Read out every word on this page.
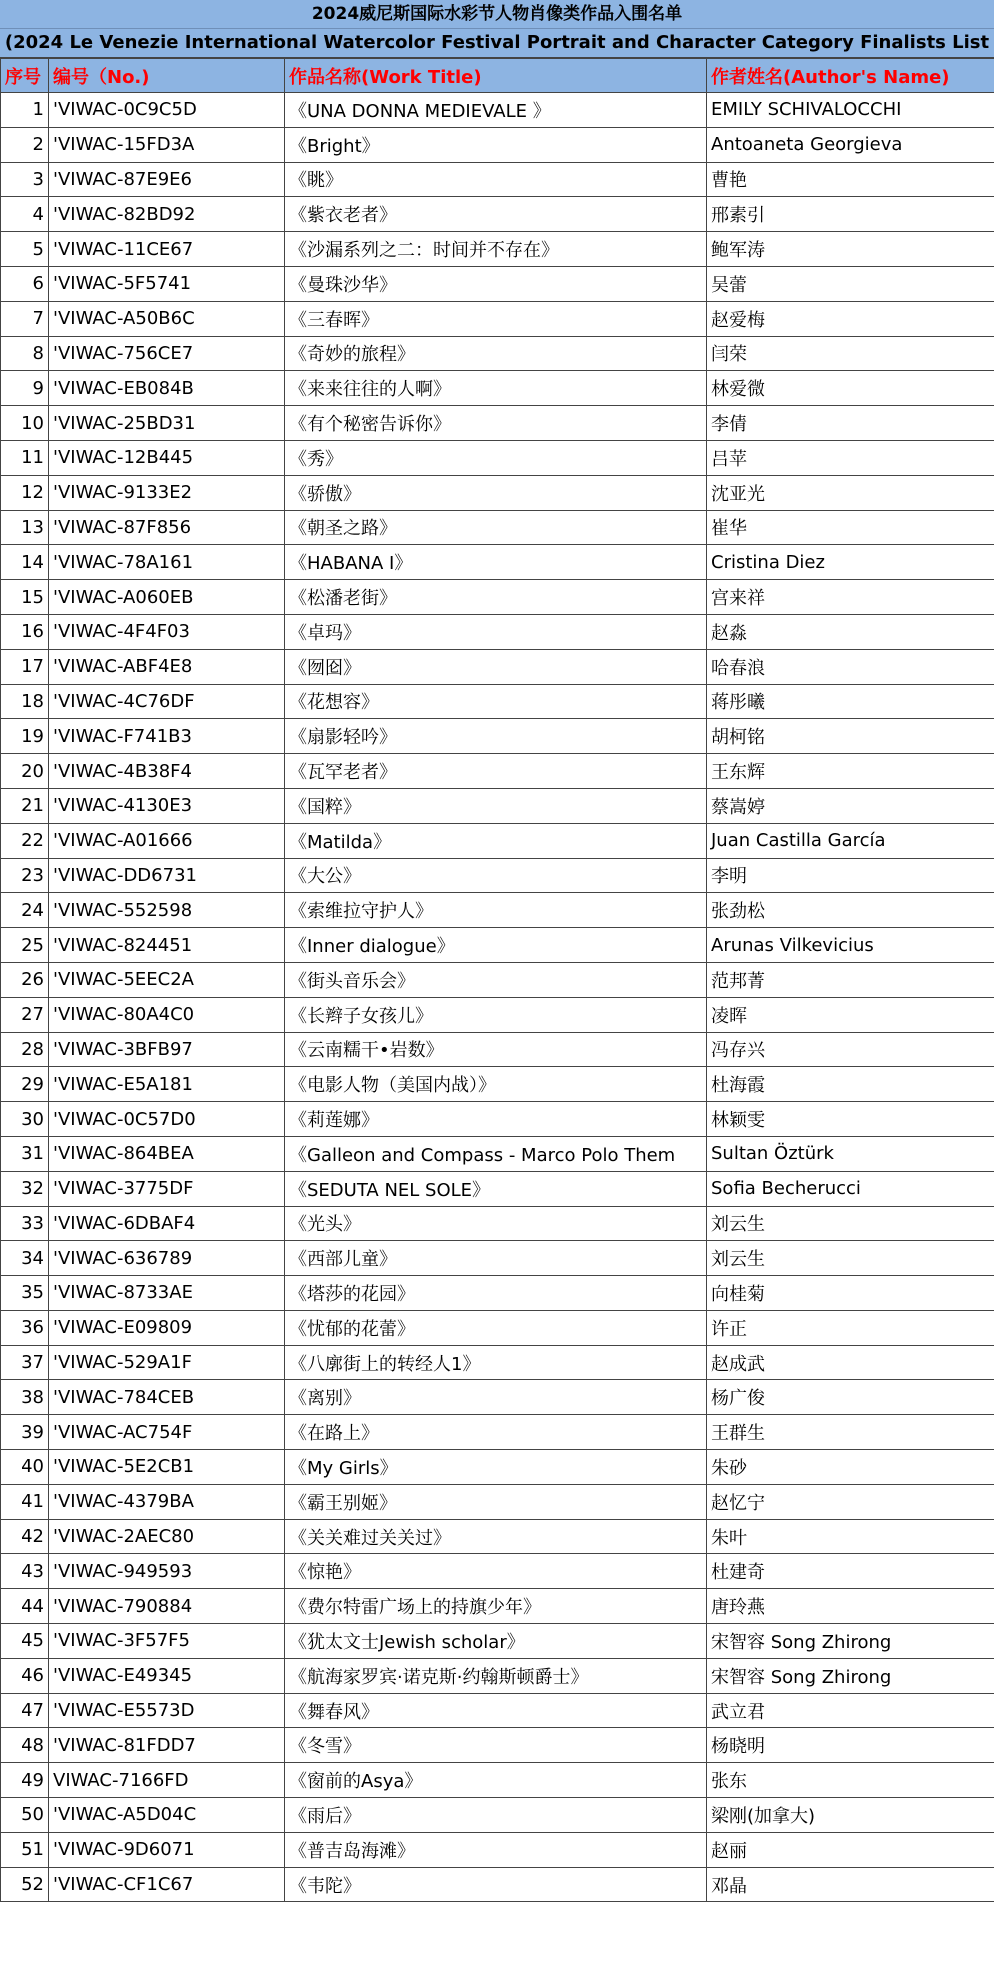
2024威尼斯国际水彩节人物肖像类作品入围名单
(2024 Le Venezie International Watercolor Festival Portrait and Character Category Finalists List
序号	编号（No.)	作品名称(Work Title)	作者姓名(Author's Name)
1	'VIWAC-0C9C5D	《UNA DONNA MEDIEVALE 》	EMILY SCHIVALOCCHI
2	'VIWAC-15FD3A	《Bright》	Antoaneta Georgieva
3	'VIWAC-87E9E6	《眺》	曹艳
4	'VIWAC-82BD92	《紫衣老者》	邢素引
5	'VIWAC-11CE67	《沙漏系列之二：时间并不存在》	鲍军涛
6	'VIWAC-5F5741	《曼珠沙华》	吴蕾
7	'VIWAC-A50B6C	《三春晖》	赵爱梅
8	'VIWAC-756CE7	《奇妙的旅程》	闫荣
9	'VIWAC-EB084B	《来来往往的人啊》	林爱微
10	'VIWAC-25BD31	《有个秘密告诉你》	李倩
11	'VIWAC-12B445	《秀》	吕苹
12	'VIWAC-9133E2	《骄傲》	沈亚光
13	'VIWAC-87F856	《朝圣之路》	崔华
14	'VIWAC-78A161	《HABANA I》	Cristina Diez
15	'VIWAC-A060EB	《松潘老街》	宫来祥
16	'VIWAC-4F4F03	《卓玛》	赵淼
17	'VIWAC-ABF4E8	《囫囵》	哈春浪
18	'VIWAC-4C76DF	《花想容》	蒋彤曦
19	'VIWAC-F741B3	《扇影轻吟》	胡柯铭
20	'VIWAC-4B38F4	《瓦罕老者》	王东辉
21	'VIWAC-4130E3	《国粹》	蔡嵩婷
22	'VIWAC-A01666	《Matilda》	Juan Castilla García
23	'VIWAC-DD6731	《大公》	李明
24	'VIWAC-552598	《索维拉守护人》	张劲松
25	'VIWAC-824451	《Inner dialogue》	Arunas Vilkevicius
26	'VIWAC-5EEC2A	《街头音乐会》	范邦菁
27	'VIWAC-80A4C0	《长辫子女孩儿》	凌晖
28	'VIWAC-3BFB97	《云南糯干•岩数》	冯存兴
29	'VIWAC-E5A181	《电影人物（美国内战）》	杜海霞
30	'VIWAC-0C57D0	《莉莲娜》	林颖雯
31	'VIWAC-864BEA	《Galleon and Compass - Marco Polo Them	Sultan Öztürk
32	'VIWAC-3775DF	《SEDUTA NEL SOLE》	Sofia Becherucci
33	'VIWAC-6DBAF4	《光头》	刘云生
34	'VIWAC-636789	《西部儿童》	刘云生
35	'VIWAC-8733AE	《塔莎的花园》	向桂菊
36	'VIWAC-E09809	《忧郁的花蕾》	许正
37	'VIWAC-529A1F	《八廓街上的转经人1》	赵成武
38	'VIWAC-784CEB	《离别》	杨广俊
39	'VIWAC-AC754F	《在路上》	王群生
40	'VIWAC-5E2CB1	《My Girls》	朱砂
41	'VIWAC-4379BA	《霸王别姬》	赵忆宁
42	'VIWAC-2AEC80	《关关难过关关过》	朱叶
43	'VIWAC-949593	《惊艳》	杜建奇
44	'VIWAC-790884	《费尔特雷广场上的持旗少年》	唐玲燕
45	'VIWAC-3F57F5	《犹太文士Jewish scholar》	宋智容 Song Zhirong
46	'VIWAC-E49345	《航海家罗宾·诺克斯·约翰斯顿爵士》	宋智容 Song Zhirong
47	'VIWAC-E5573D	《舞春风》	武立君
48	'VIWAC-81FDD7	《冬雪》	杨晓明
49	VIWAC-7166FD	《窗前的Asya》	张东
50	'VIWAC-A5D04C	《雨后》	梁刚(加拿大)
51	'VIWAC-9D6071	《普吉岛海滩》	赵丽
52	'VIWAC-CF1C67	《韦陀》	邓晶
